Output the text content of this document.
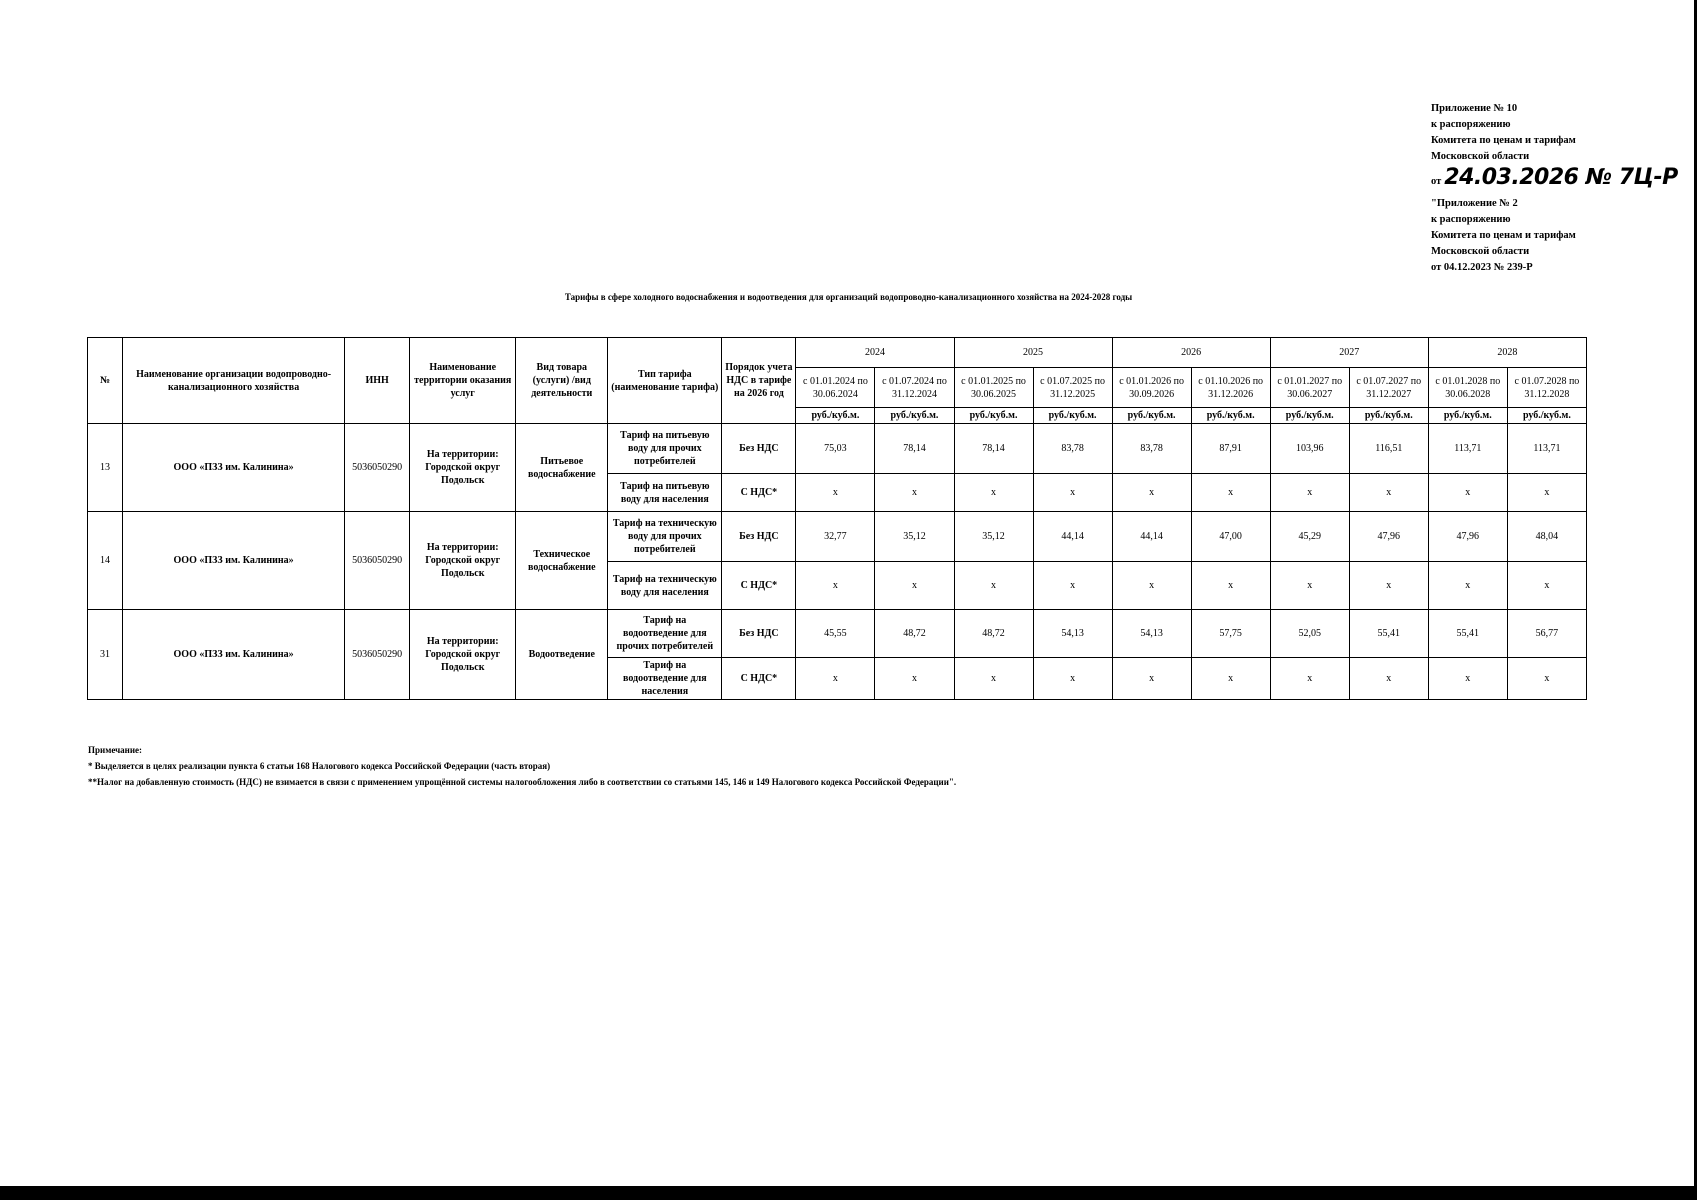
Приложение № 10
к распоряжению
Комитета по ценам и тарифам
Московской области
от 24.03.2026 № 7Ц-Р
"Приложение № 2
к распоряжению
Комитета по ценам и тарифам
Московской области
от 04.12.2023 № 239-Р
Тарифы в сфере холодного водоснабжения и водоотведения для организаций водопроводно-канализационного хозяйства на 2024-2028 годы
№	Наименование организации водопроводно-канализационного хозяйства	ИНН	Наименование территории оказания услуг	Вид товара (услуги) /вид деятельности	Тип тарифа (наименование тарифа)	Порядок учета НДС в тарифе на 2026 год	2024		2025		2026		2027		2028	
							с 01.01.2024 по 30.06.2024	с 01.07.2024 по 31.12.2024	с 01.01.2025 по 30.06.2025	с 01.07.2025 по 31.12.2025	с 01.01.2026 по 30.09.2026	с 01.10.2026 по 31.12.2026	с 01.01.2027 по 30.06.2027	с 01.07.2027 по 31.12.2027	с 01.01.2028 по 30.06.2028	с 01.07.2028 по 31.12.2028
							руб./куб.м.	руб./куб.м.	руб./куб.м.	руб./куб.м.	руб./куб.м.	руб./куб.м.	руб./куб.м.	руб./куб.м.	руб./куб.м.	руб./куб.м.
13	ООО «ПЗЗ им. Калинина»	5036050290	На территории: Городской округ Подольск	Питьевое водоснабжение	Тариф на питьевую воду для прочих потребителей	Без НДС	75,03	78,14	78,14	83,78	83,78	87,91	103,96	116,51	113,71	113,71
					Тариф на питьевую воду для населения	С НДС*	х	х	х	х	х	х	х	х	х	х
14	ООО «ПЗЗ им. Калинина»	5036050290	На территории: Городской округ Подольск	Техническое водоснабжение	Тариф на техническую воду для прочих потребителей	Без НДС	32,77	35,12	35,12	44,14	44,14	47,00	45,29	47,96	47,96	48,04
					Тариф на техническую воду для населения	С НДС*	х	х	х	х	х	х	х	х	х	х
31	ООО «ПЗЗ им. Калинина»	5036050290	На территории: Городской округ Подольск	Водоотведение	Тариф на водоотведение для прочих потребителей	Без НДС	45,55	48,72	48,72	54,13	54,13	57,75	52,05	55,41	55,41	56,77
					Тариф на водоотведение для населения	С НДС*	х	х	х	х	х	х	х	х	х	х
Примечание:
* Выделяется в целях реализации пункта 6 статьи 168 Налогового кодекса Российской Федерации (часть вторая)
**Налог на добавленную стоимость (НДС) не взимается в связи с применением упрощённой системы налогообложения либо в соответствии со статьями 145, 146 и 149 Налогового кодекса Российской Федерации".
